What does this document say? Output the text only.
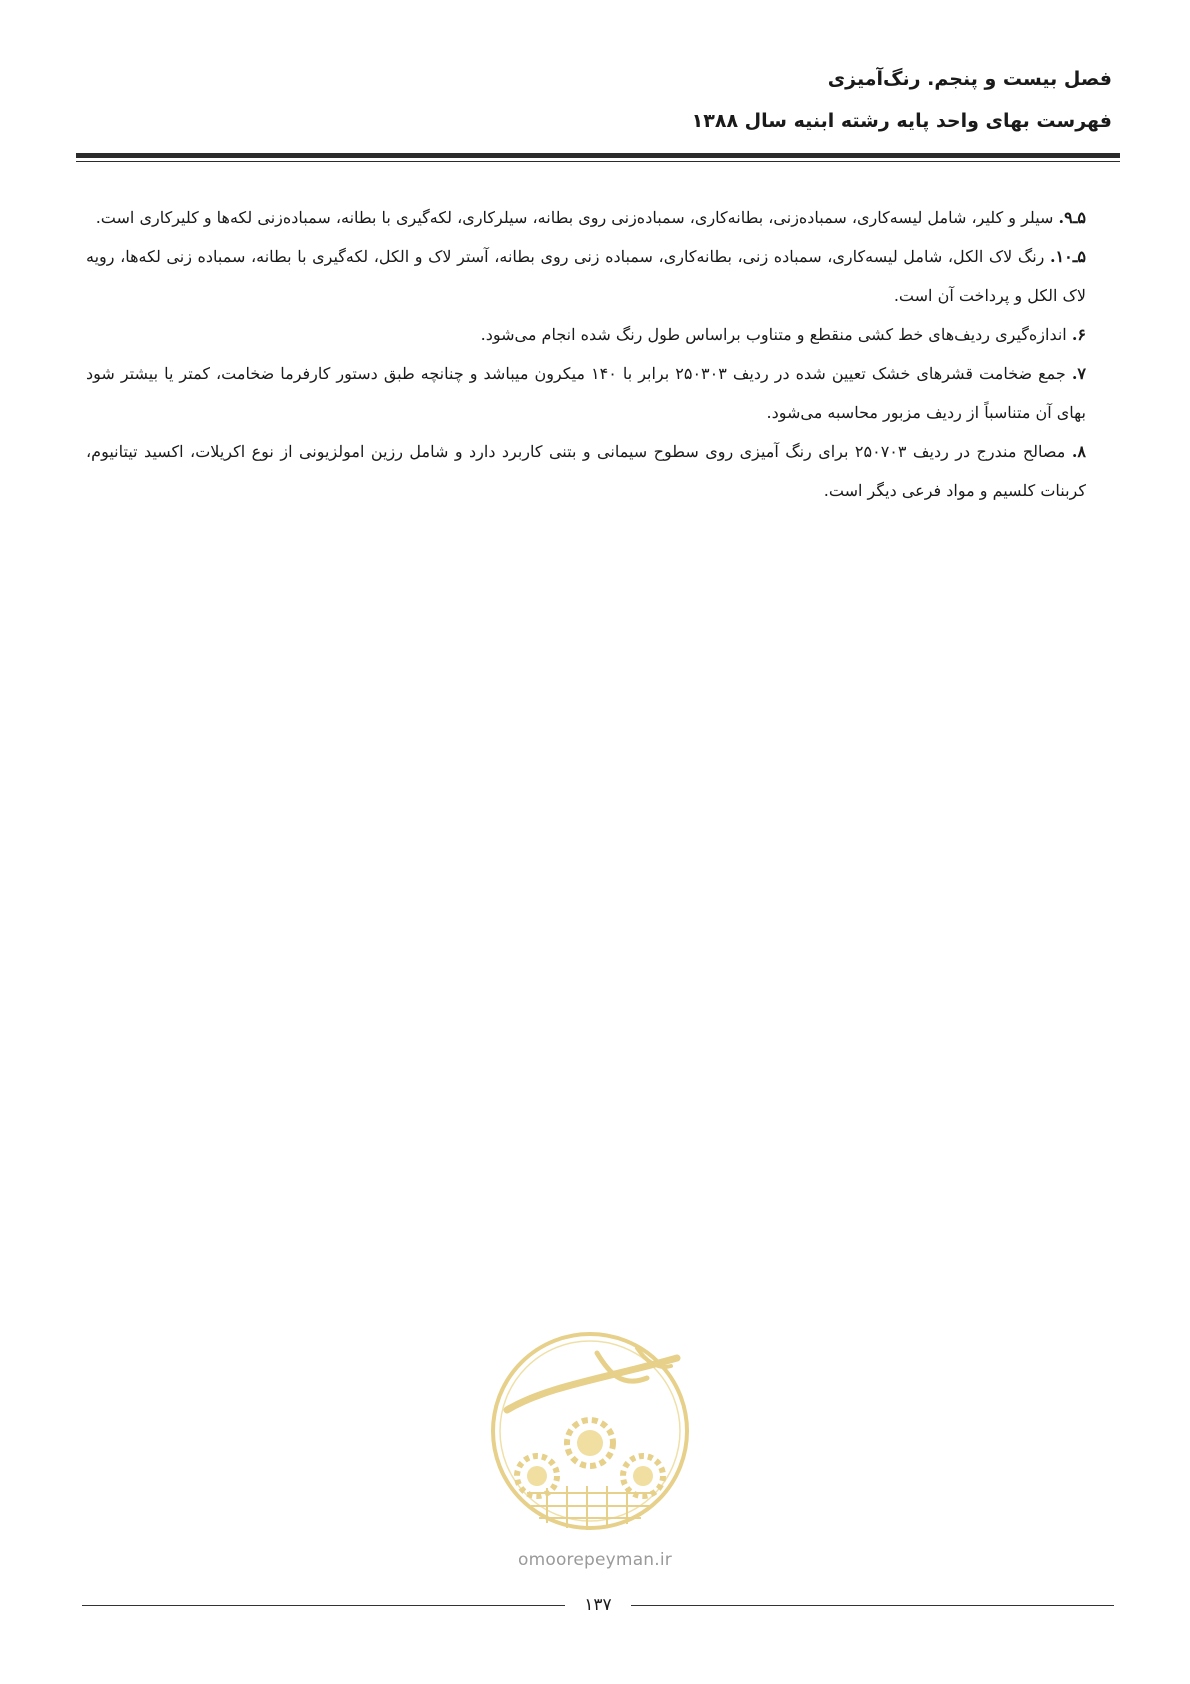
فصل بیست و پنجم. رنگ‌آمیزی
فهرست بهای واحد پایه رشته ابنیه سال ۱۳۸۸

۵ـ۹. سیلر و کلیر، شامل لیسه‌کاری، سمباده‌زنی، بطانه‌کاری، سمباده‌زنی روی بطانه، سیلرکاری، لکه‌گیری با بطانه، سمباده‌زنی لکه‌ها و کلیرکاری است.

۵ـ۱۰. رنگ لاک الکل، شامل لیسه‌کاری، سمباده زنی، بطانه‌کاری، سمباده زنی روی بطانه، آستر لاک و الکل، لکه‌گیری با بطانه، سمباده زنی لکه‌ها، رویه لاک الکل و پرداخت آن است.

۶. اندازه‌گیری ردیف‌های خط کشی منقطع و متناوب براساس طول رنگ شده انجام می‌شود.

۷. جمع ضخامت قشرهای خشک تعیین شده در ردیف ۲۵۰۳۰۳ برابر با ۱۴۰ میکرون میباشد و چنانچه طبق دستور کارفرما ضخامت، کمتر یا بیشتر شود بهای آن متناسباً از ردیف مزبور محاسبه می‌شود.

۸. مصالح مندرج در ردیف ۲۵۰۷۰۳ برای رنگ آمیزی روی سطوح سیمانی و بتنی کاربرد دارد و شامل رزین امولزیونی از نوع اکریلات، اکسید تیتانیوم، کربنات کلسیم و مواد فرعی دیگر است.

omoorepeyman.ir
۱۳۷
